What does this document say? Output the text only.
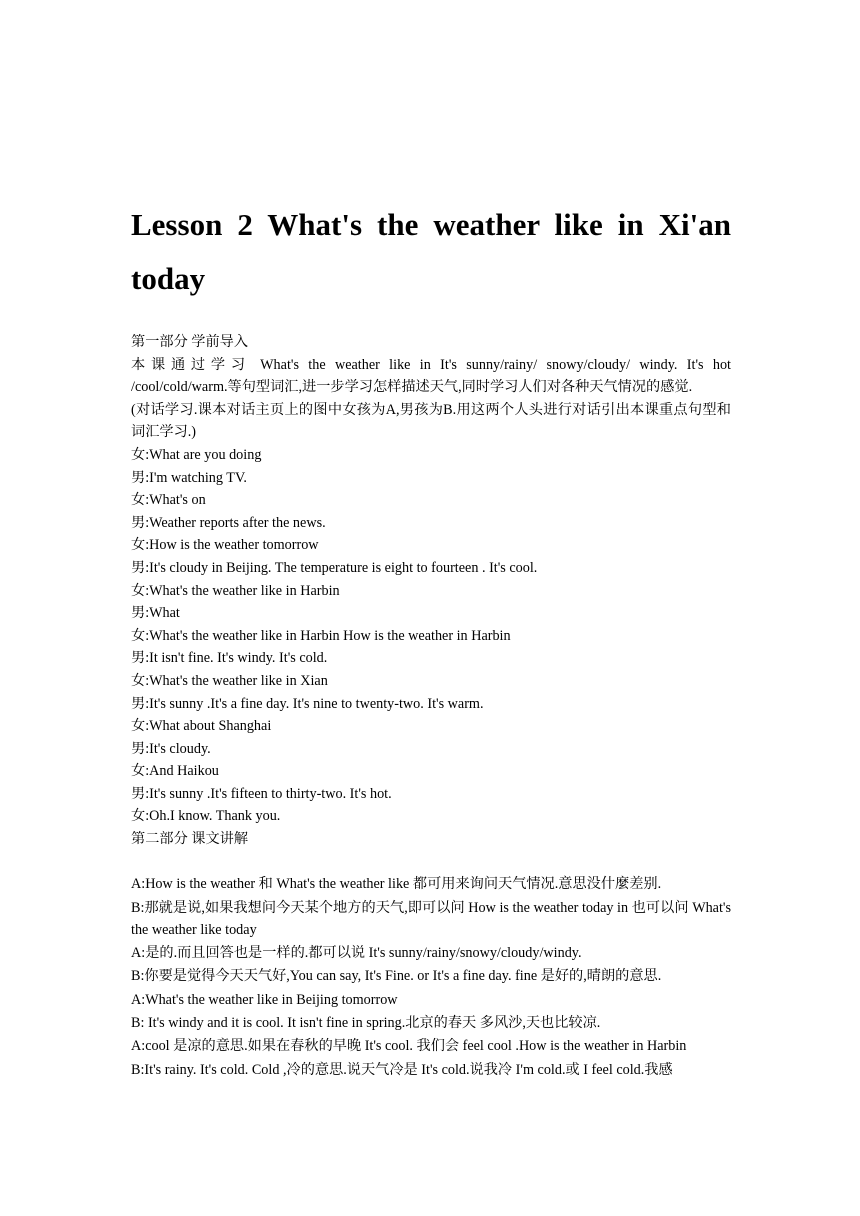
Lesson 2 What's the weather like in Xi'an today
第一部分 学前导入
本课通过学习 What's the weather like in It's sunny/rainy/ snowy/cloudy/ windy. It's hot /cool/cold/warm.等句型词汇,进一步学习怎样描述天气,同时学习人们对各种天气情况的感觉.
(对话学习.课本对话主页上的图中女孩为A,男孩为B.用这两个人头进行对话引出本课重点句型和词汇学习.)
女:What are you doing
男:I'm watching TV.
女:What's on
男:Weather reports after the news.
女:How is the weather tomorrow
男:It's cloudy in Beijing. The temperature is eight to fourteen . It's cool.
女:What's the weather like in Harbin
男:What
女:What's the weather like in Harbin How is the weather in Harbin
男:It isn't fine. It's windy. It's cold.
女:What's the weather like in Xian
男:It's sunny .It's a fine day. It's nine to twenty-two. It's warm.
女:What about Shanghai
男:It's cloudy.
女:And Haikou
男:It's sunny .It's fifteen to thirty-two. It's hot.
女:Oh.I know. Thank you.
第二部分 课文讲解
A:How is the weather 和 What's the weather like 都可用来询问天气情况.意思没什麼差别.
B:那就是说,如果我想问今天某个地方的天气,即可以问 How is the weather today in 也可以问 What's the weather like today
A:是的.而且回答也是一样的.都可以说 It's sunny/rainy/snowy/cloudy/windy.
B:你要是觉得今天天气好,You can say, It's Fine. or It's a fine day. fine 是好的,晴朗的意思.
A:What's the weather like in Beijing tomorrow
B: It's windy and it is cool. It isn't fine in spring.北京的春天 多风沙,天也比较凉.
A:cool 是凉的意思.如果在春秋的早晚 It's cool. 我们会 feel cool .How is the weather in Harbin
B:It's rainy. It's cold. Cold ,冷的意思.说天气冷是 It's cold.说我冷 I'm cold.或 I feel cold.我感
